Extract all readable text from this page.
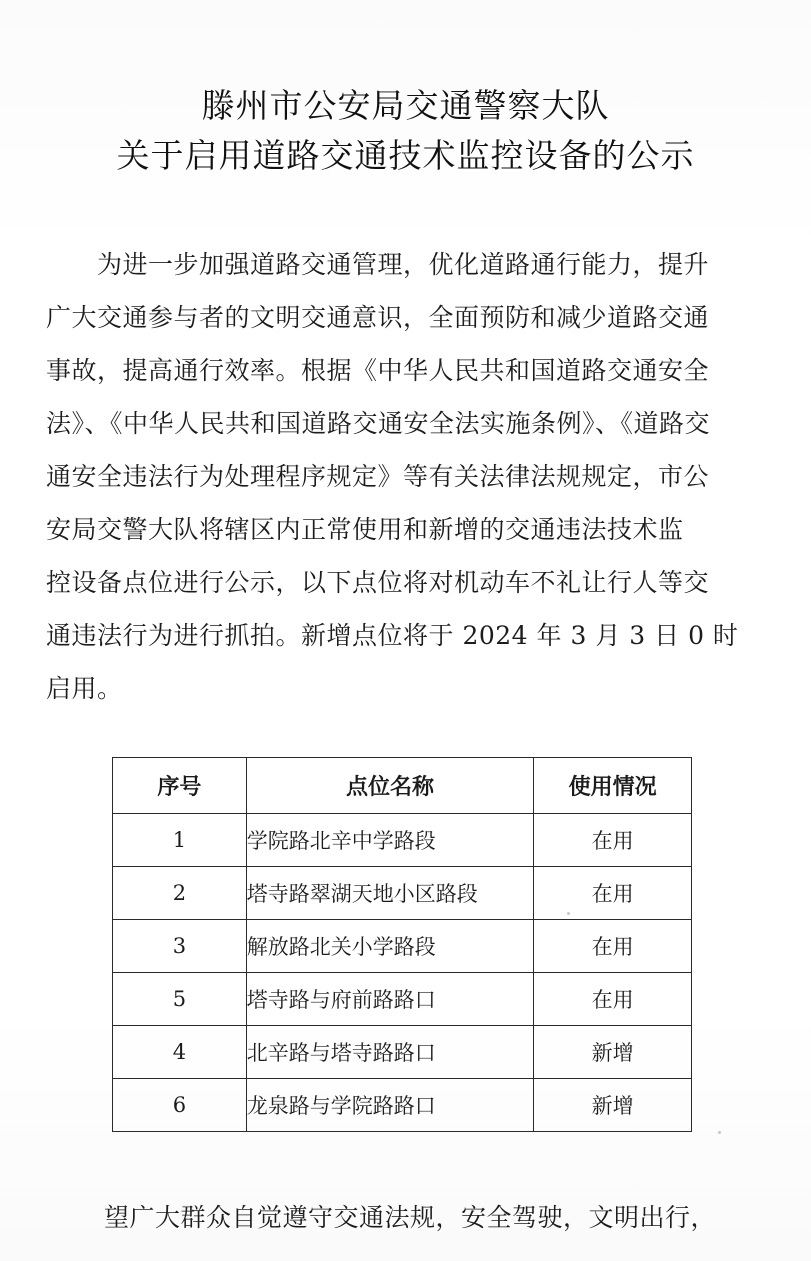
滕州市公安局交通警察大队
关于启用道路交通技术监控设备的公示
　　为进一步加强道路交通管理，优化道路通行能力，提升
广大交通参与者的文明交通意识，全面预防和减少道路交通
事故，提高通行效率。根据《中华人民共和国道路交通安全
法》、《中华人民共和国道路交通安全法实施条例》、《道路交
通安全违法行为处理程序规定》等有关法律法规规定，市公
安局交警大队将辖区内正常使用和新增的交通违法技术监
控设备点位进行公示，以下点位将对机动车不礼让行人等交
通违法行为进行抓拍。新增点位将于 2024 年 3 月 3 日 0 时
启用。
序号	点位名称	使用情况
1	学院路北辛中学路段	在用
2	塔寺路翠湖天地小区路段	在用
3	解放路北关小学路段	在用
5	塔寺路与府前路路口	在用
4	北辛路与塔寺路路口	新增
6	龙泉路与学院路路口	新增
望广大群众自觉遵守交通法规，安全驾驶，文明出行，
